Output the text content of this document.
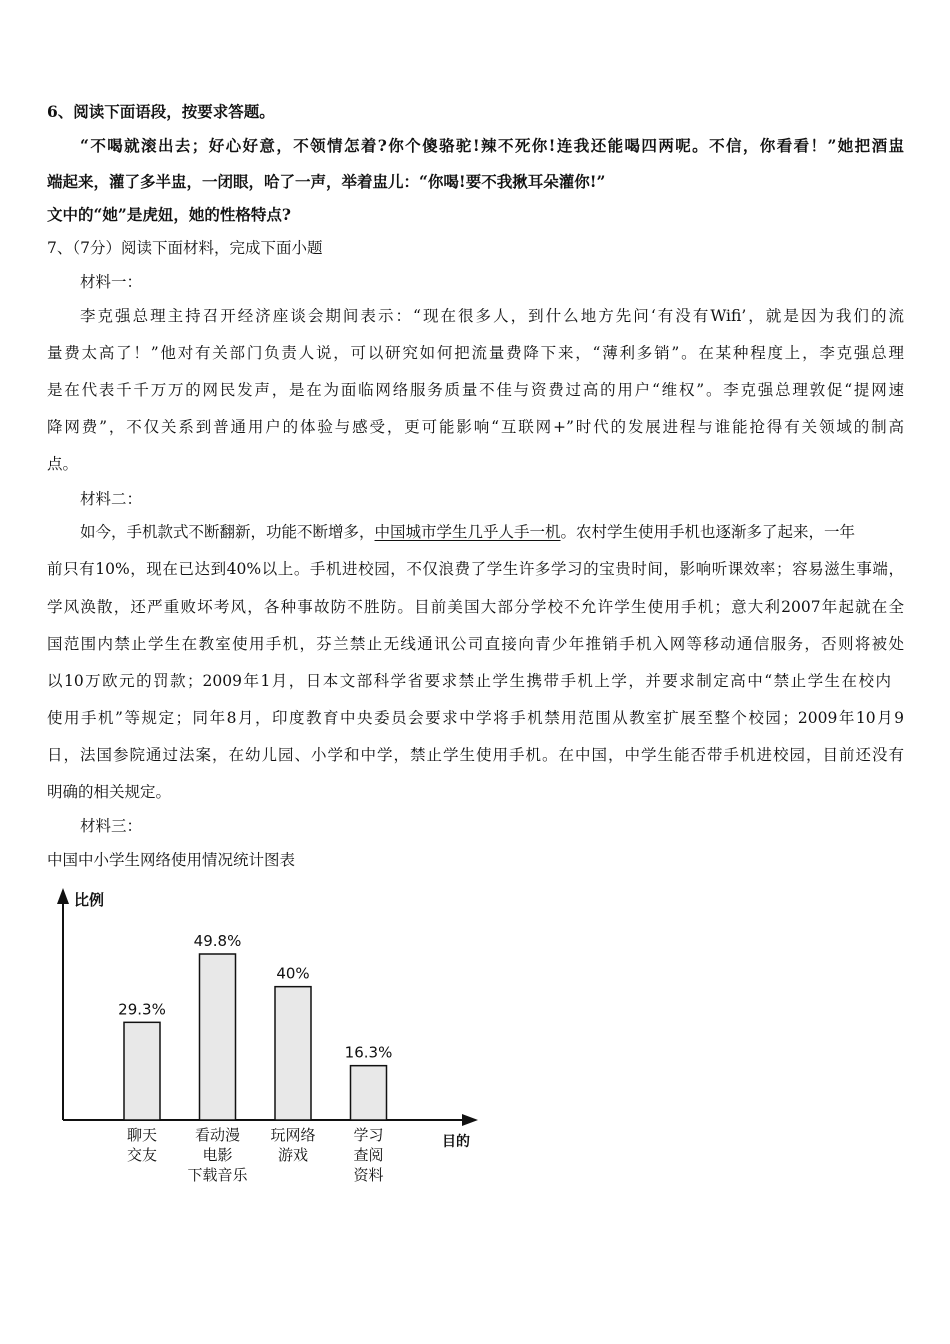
6、阅读下面语段，按要求答题。
“不喝就滚出去；好心好意，不领情怎着?你个傻骆驼!辣不死你!连我还能喝四两呢。不信，你看看！”她把酒盅
端起来，灌了多半盅，一闭眼，哈了一声，举着盅儿：“你喝!要不我揪耳朵灌你!”
文中的“她”是虎妞，她的性格特点?
7、（7分）阅读下面材料，完成下面小题
材料一：
李克强总理主持召开经济座谈会期间表示：“现在很多人，到什么地方先问‘有没有Wifi’，就是因为我们的流
量费太高了！”他对有关部门负责人说，可以研究如何把流量费降下来，“薄利多销”。在某种程度上，李克强总理
是在代表千千万万的网民发声，是在为面临网络服务质量不佳与资费过高的用户“维权”。李克强总理敦促“提网速
降网费”，不仅关系到普通用户的体验与感受，更可能影响“互联网+”时代的发展进程与谁能抢得有关领域的制高
点。
材料二：
如今，手机款式不断翻新，功能不断增多， 中国城市学生几乎人手一机 。农村学生使用手机也逐渐多了起来，一年
前只有10%，现在已达到40%以上。手机进校园，不仅浪费了学生许多学习的宝贵时间，影响听课效率；容易滋生事端，
学风涣散，还严重败坏考风，各种事故防不胜防。目前美国大部分学校不允许学生使用手机；意大利2007年起就在全
国范围内禁止学生在教室使用手机，芬兰禁止无线通讯公司直接向青少年推销手机入网等移动通信服务，否则将被处
以10万欧元的罚款；2009年1月，日本文部科学省要求禁止学生携带手机上学，并要求制定高中“禁止学生在校内
使用手机”等规定；同年8月，印度教育中央委员会要求中学将手机禁用范围从教室扩展至整个校园；2009年10月9
日，法国参院通过法案，在幼儿园、小学和中学，禁止学生使用手机。在中国，中学生能否带手机进校园，目前还没有
明确的相关规定。
材料三：
中国中小学生网络使用情况统计图表
比例
目的
29.3%
聊天
交友
49.8%
看动漫
电影
下载音乐
40%
玩网络
游戏
16.3%
学习
查阅
资料
